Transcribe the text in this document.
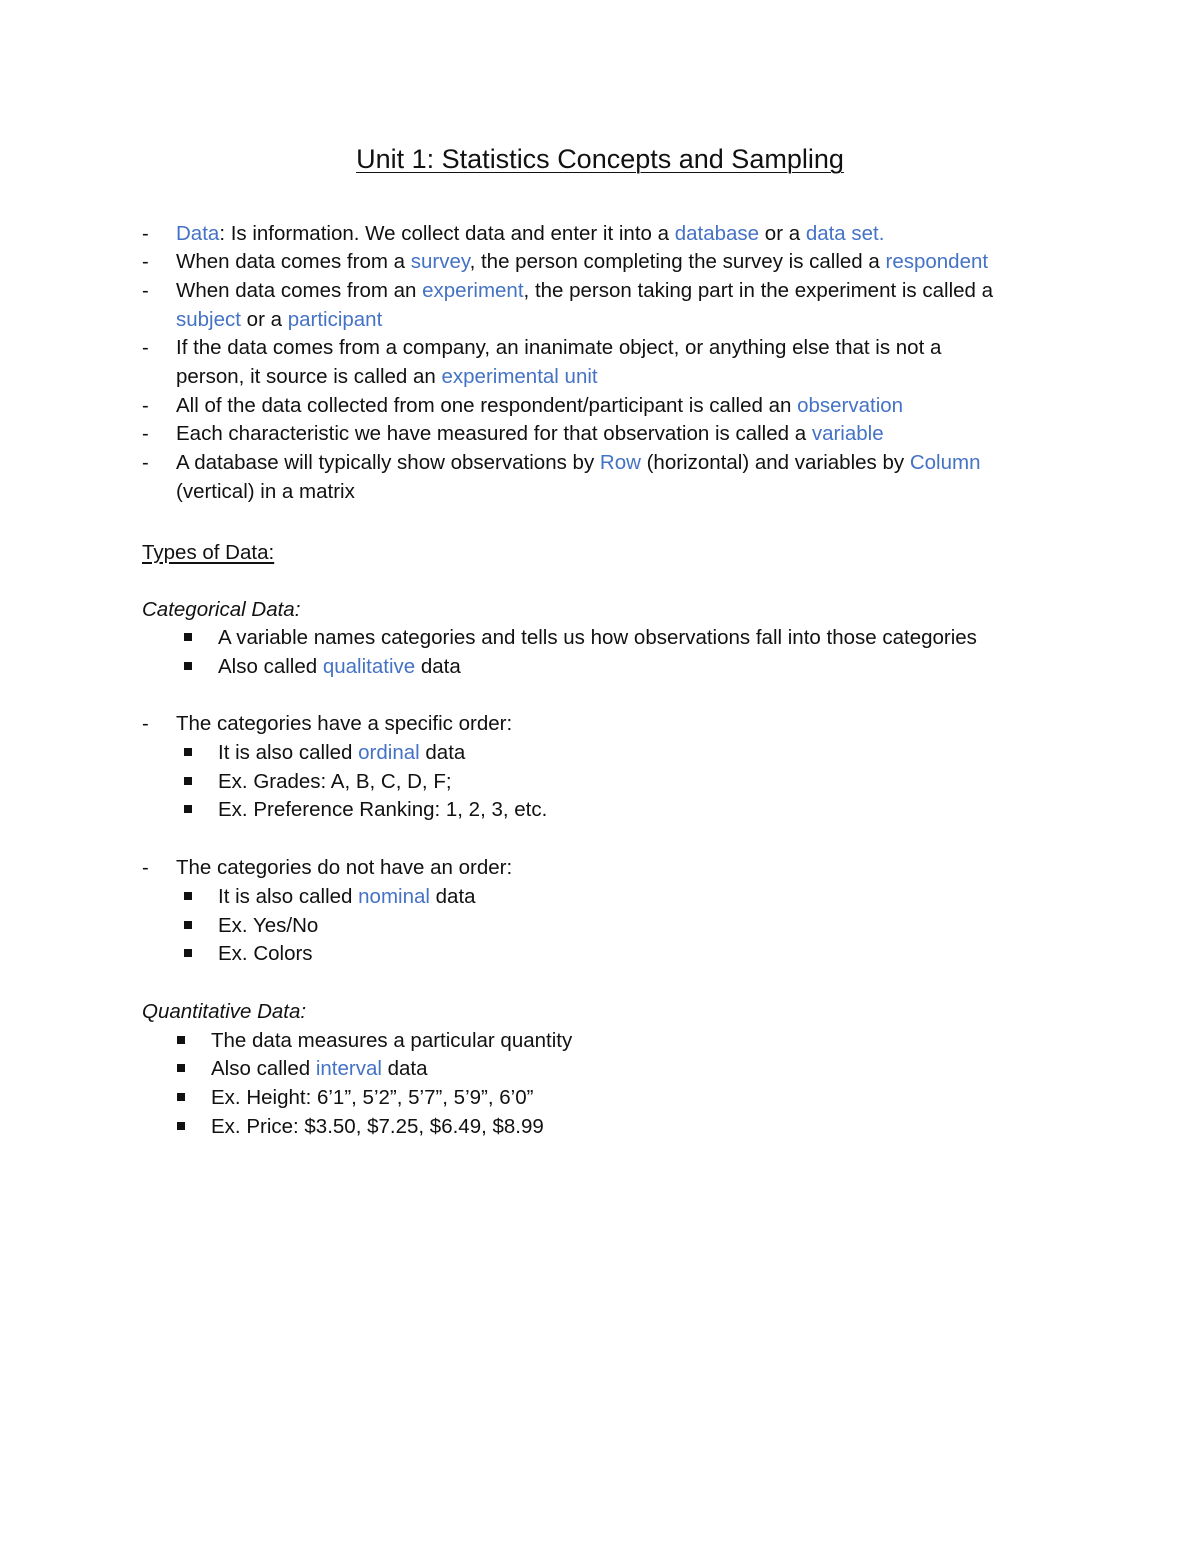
Unit 1: Statistics Concepts and Sampling
- Data: Is information. We collect data and enter it into a database or a data set.
- When data comes from a survey, the person completing the survey is called a respondent
- When data comes from an experiment, the person taking part in the experiment is called a
subject or a participant
- If the data comes from a company, an inanimate object, or anything else that is not a
person, it source is called an experimental unit
- All of the data collected from one respondent/participant is called an observation
- Each characteristic we have measured for that observation is called a variable
- A database will typically show observations by Row (horizontal) and variables by Column
(vertical) in a matrix
Types of Data:
Categorical Data:
A variable names categories and tells us how observations fall into those categories
Also called qualitative data
- The categories have a specific order:
It is also called ordinal data
Ex. Grades: A, B, C, D, F;
Ex. Preference Ranking: 1, 2, 3, etc.
- The categories do not have an order:
It is also called nominal data
Ex. Yes/No
Ex. Colors
Quantitative Data:
The data measures a particular quantity
Also called interval data
Ex. Height: 6’1”, 5’2”, 5’7”, 5’9”, 6’0”
Ex. Price: $3.50, $7.25, $6.49, $8.99
